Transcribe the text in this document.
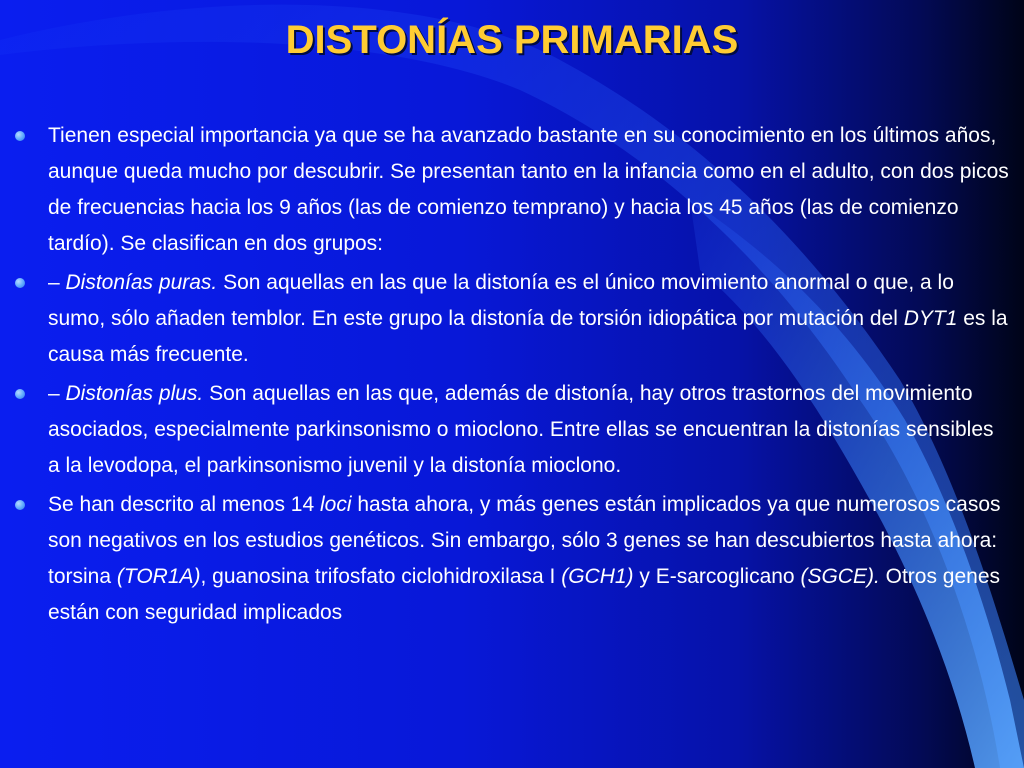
DISTONÍAS PRIMARIAS
Tienen especial importancia ya que se ha avanzado bastante en su conocimiento en los últimos años, aunque queda mucho por descubrir. Se presentan tanto en la infancia como en el adulto, con dos picos de frecuencias hacia los 9 años (las de comienzo temprano) y hacia los 45 años (las de comienzo tardío). Se clasifican en dos grupos:
– Distonías puras. Son aquellas en las que la distonía es el único movimiento anormal o que, a lo sumo, sólo añaden temblor. En este grupo la distonía de torsión idiopática por mutación del DYT1 es la causa más frecuente.
– Distonías plus. Son aquellas en las que, además de distonía, hay otros trastornos del movimiento asociados, especialmente parkinsonismo o mioclono. Entre ellas se encuentran la distonías sensibles a la levodopa, el parkinsonismo juvenil y la distonía mioclono.
Se han descrito al menos 14 loci hasta ahora, y más genes están implicados ya que numerosos casos son negativos en los estudios genéticos. Sin embargo, sólo 3 genes se han descubiertos hasta ahora: torsina (TOR1A), guanosina trifosfato ciclohidroxilasa I (GCH1) y E-sarcoglicano (SGCE). Otros genes están con seguridad implicados
